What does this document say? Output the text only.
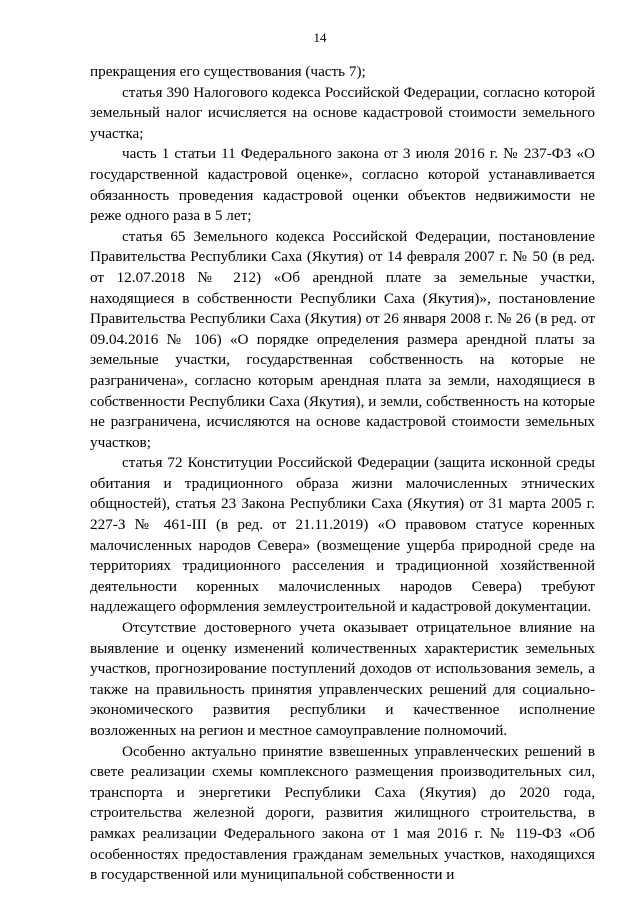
14

прекращения его существования (часть 7);

статья 390 Налогового кодекса Российской Федерации, согласно которой земельный налог исчисляется на основе кадастровой стоимости земельного участка;

часть 1 статьи 11 Федерального закона от 3 июля 2016 г. № 237-ФЗ «О государственной кадастровой оценке», согласно которой устанавливается обязанность проведения кадастровой оценки объектов недвижимости не реже одного раза в 5 лет;

статья 65 Земельного кодекса Российской Федерации, постановление Правительства Республики Саха (Якутия) от 14 февраля 2007 г. № 50 (в ред. от 12.07.2018 № 212) «Об арендной плате за земельные участки, находящиеся в собственности Республики Саха (Якутия)», постановление Правительства Республики Саха (Якутия) от 26 января 2008 г. № 26 (в ред. от 09.04.2016 № 106) «О порядке определения размера арендной платы за земельные участки, государственная собственность на которые не разграничена», согласно которым арендная плата за земли, находящиеся в собственности Республики Саха (Якутия), и земли, собственность на которые не разграничена, исчисляются на основе кадастровой стоимости земельных участков;

статья 72 Конституции Российской Федерации (защита исконной среды обитания и традиционного образа жизни малочисленных этнических общностей), статья 23 Закона Республики Саха (Якутия) от 31 марта 2005 г. 227-З № 461-III (в ред. от 21.11.2019) «О правовом статусе коренных малочисленных народов Севера» (возмещение ущерба природной среде на территориях традиционного расселения и традиционной хозяйственной деятельности коренных малочисленных народов Севера) требуют надлежащего оформления землеустроительной и кадастровой документации.

Отсутствие достоверного учета оказывает отрицательное влияние на выявление и оценку изменений количественных характеристик земельных участков, прогнозирование поступлений доходов от использования земель, а также на правильность принятия управленческих решений для социально-экономического развития республики и качественное исполнение возложенных на регион и местное самоуправление полномочий.

Особенно актуально принятие взвешенных управленческих решений в свете реализации схемы комплексного размещения производительных сил, транспорта и энергетики Республики Саха (Якутия) до 2020 года, строительства железной дороги, развития жилищного строительства, в рамках реализации Федерального закона от 1 мая 2016 г. № 119-ФЗ «Об особенностях предоставления гражданам земельных участков, находящихся в государственной или муниципальной собственности и
